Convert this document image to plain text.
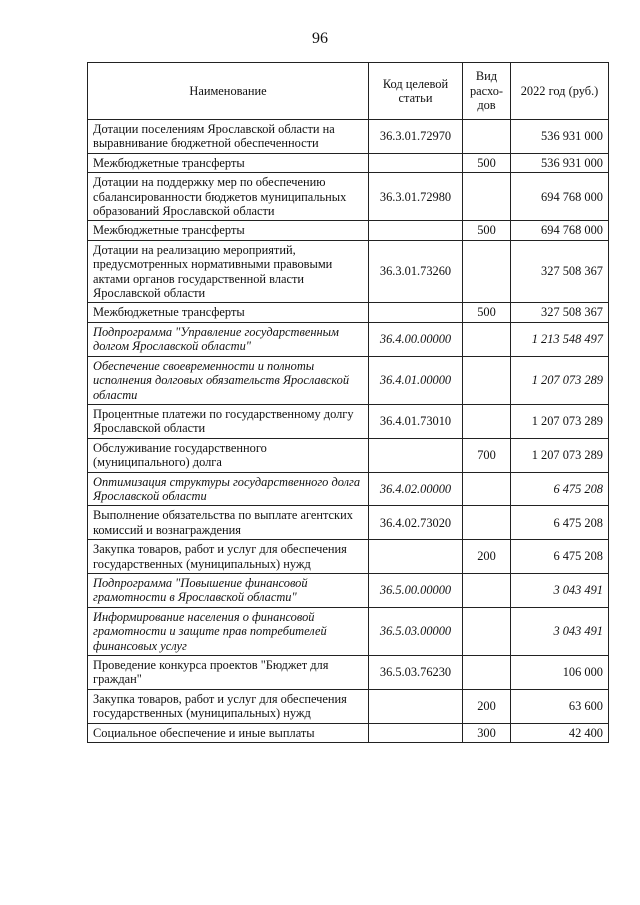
96
Наименование	Код целевой статьи	Вид расхо-дов	2022 год (руб.)
Дотации поселениям Ярославской области на выравнивание бюджетной обеспеченности	36.3.01.72970		536 931 000
Межбюджетные трансферты		500	536 931 000
Дотации на поддержку мер по обеспечению сбалансированности бюджетов муниципальных образований Ярославской области	36.3.01.72980		694 768 000
Межбюджетные трансферты		500	694 768 000
Дотации на реализацию мероприятий, предусмотренных нормативными правовыми актами органов государственной власти Ярославской области	36.3.01.73260		327 508 367
Межбюджетные трансферты		500	327 508 367
Подпрограмма "Управление государственным долгом Ярославской области"	36.4.00.00000		1 213 548 497
Обеспечение своевременности и полноты исполнения долговых обязательств Ярославской области	36.4.01.00000		1 207 073 289
Процентные платежи по государственному долгу Ярославской области	36.4.01.73010		1 207 073 289
Обслуживание государственного (муниципального) долга		700	1 207 073 289
Оптимизация структуры государственного долга Ярославской области	36.4.02.00000		6 475 208
Выполнение обязательства по выплате агентских комиссий и вознаграждения	36.4.02.73020		6 475 208
Закупка товаров, работ и услуг для обеспечения государственных (муниципальных) нужд		200	6 475 208
Подпрограмма "Повышение финансовой грамотности в Ярославской области"	36.5.00.00000		3 043 491
Информирование населения о финансовой грамотности и защите прав потребителей финансовых услуг	36.5.03.00000		3 043 491
Проведение конкурса проектов "Бюджет для граждан"	36.5.03.76230		106 000
Закупка товаров, работ и услуг для обеспечения государственных (муниципальных) нужд		200	63 600
Социальное обеспечение и иные выплаты		300	42 400
